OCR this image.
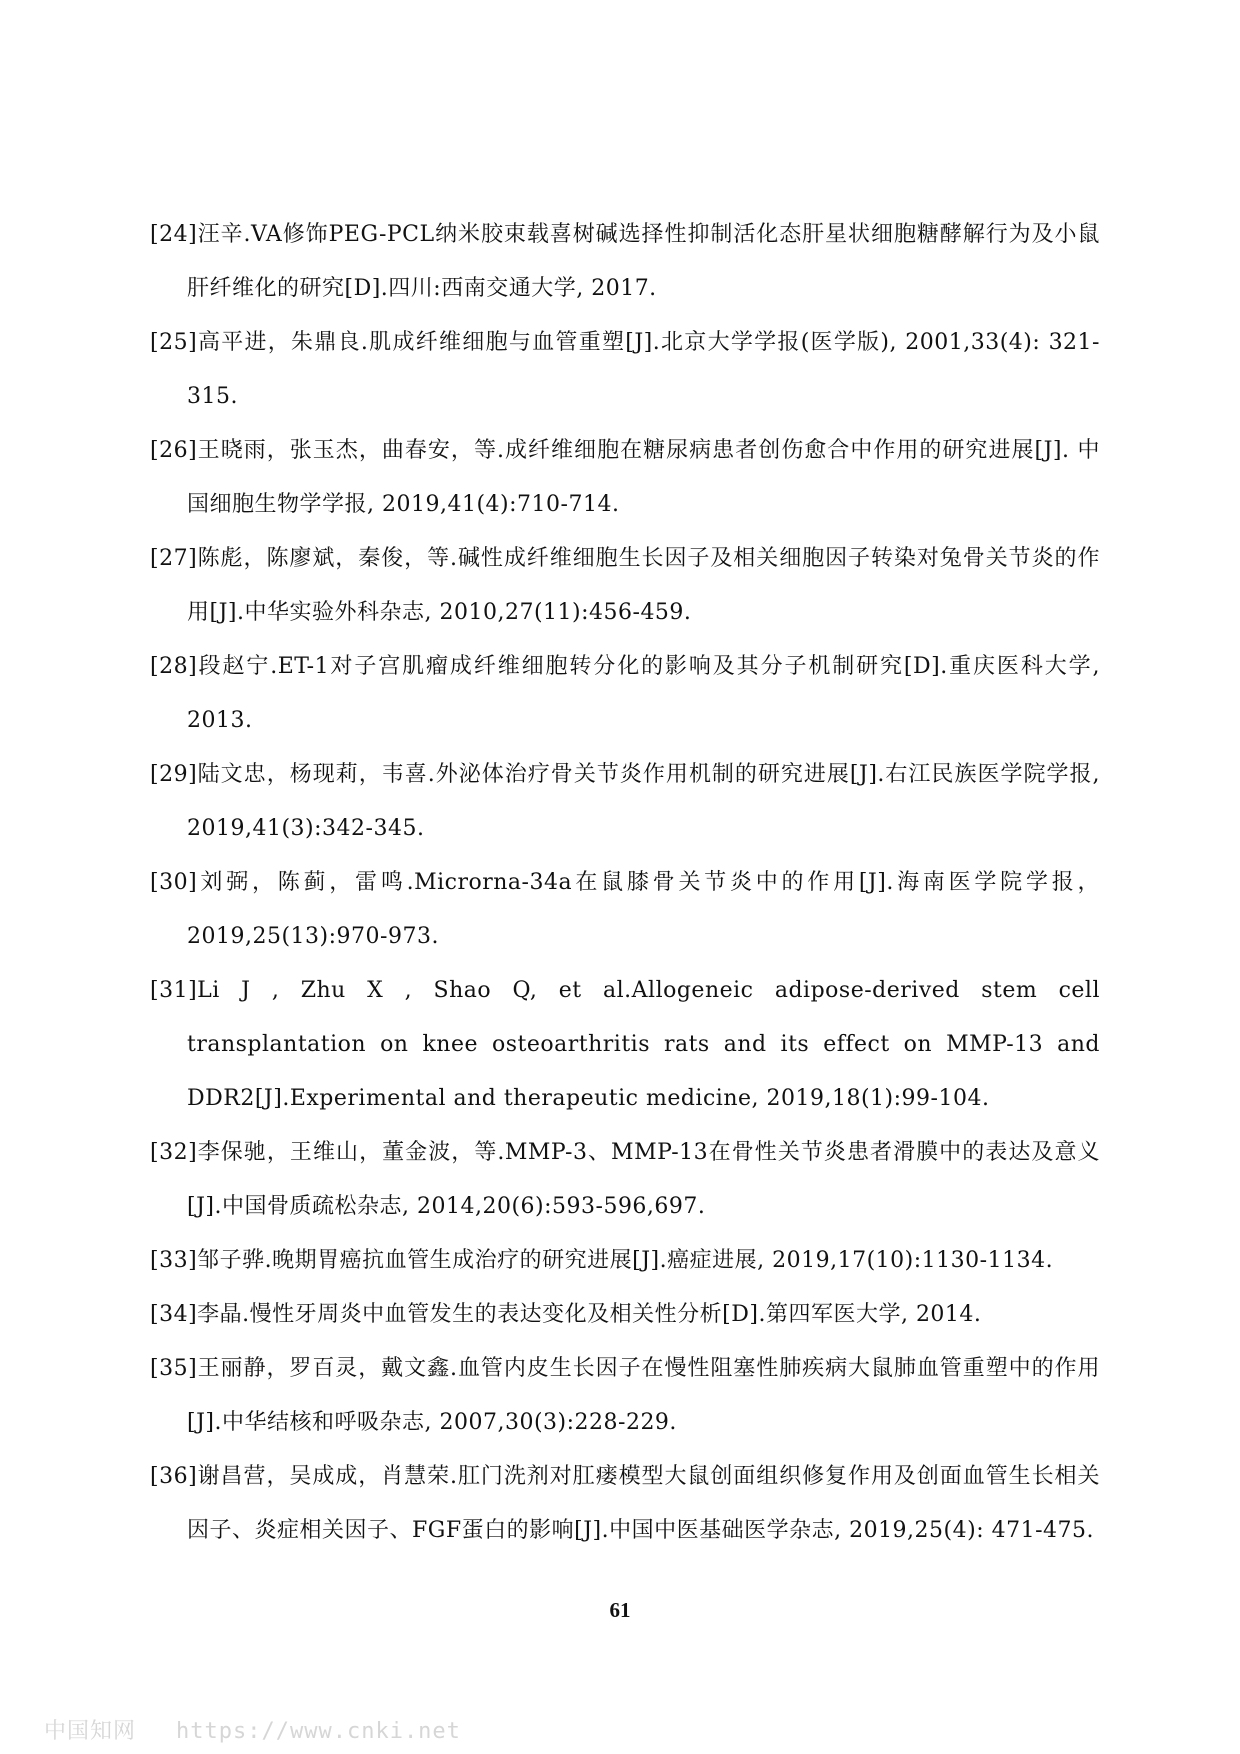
[24]汪辛.VA修饰PEG-PCL纳米胶束载喜树碱选择性抑制活化态肝星状细胞糖酵解行为及小鼠肝纤维化的研究[D].四川:西南交通大学, 2017.

[25]高平进，朱鼎良.肌成纤维细胞与血管重塑[J].北京大学学报(医学版), 2001,33(4): 321-315.

[26]王晓雨，张玉杰，曲春安，等.成纤维细胞在糖尿病患者创伤愈合中作用的研究进展[J]. 中国细胞生物学学报, 2019,41(4):710-714.

[27]陈彪，陈廖斌，秦俊，等.碱性成纤维细胞生长因子及相关细胞因子转染对兔骨关节炎的作用[J].中华实验外科杂志, 2010,27(11):456-459.

[28]段赵宁.ET-1对子宫肌瘤成纤维细胞转分化的影响及其分子机制研究[D].重庆医科大学, 2013.

[29]陆文忠，杨现莉，韦喜.外泌体治疗骨关节炎作用机制的研究进展[J].右江民族医学院学报, 2019,41(3):342-345.

[30]刘弼，陈蓟，雷鸣.Microrna-34a在鼠膝骨关节炎中的作用[J].海南医学院学报，2019,25(13):970-973.

[31]Li J , Zhu X , Shao Q, et al.Allogeneic adipose-derived stem cell transplantation on knee osteoarthritis rats and its effect on MMP-13 and DDR2[J].Experimental and therapeutic medicine, 2019,18(1):99-104.

[32]李保驰，王维山，董金波，等.MMP-3、MMP-13在骨性关节炎患者滑膜中的表达及意义[J].中国骨质疏松杂志, 2014,20(6):593-596,697.

[33]邹子骅.晚期胃癌抗血管生成治疗的研究进展[J].癌症进展, 2019,17(10):1130-1134.

[34]李晶.慢性牙周炎中血管发生的表达变化及相关性分析[D].第四军医大学, 2014.

[35]王丽静，罗百灵，戴文鑫.血管内皮生长因子在慢性阻塞性肺疾病大鼠肺血管重塑中的作用[J].中华结核和呼吸杂志, 2007,30(3):228-229.

[36]谢昌营，吴成成，肖慧荣.肛门洗剂对肛瘘模型大鼠创面组织修复作用及创面血管生长相关因子、炎症相关因子、FGF蛋白的影响[J].中国中医基础医学杂志, 2019,25(4): 471-475.

61
中国知网 https://www.cnki.net
